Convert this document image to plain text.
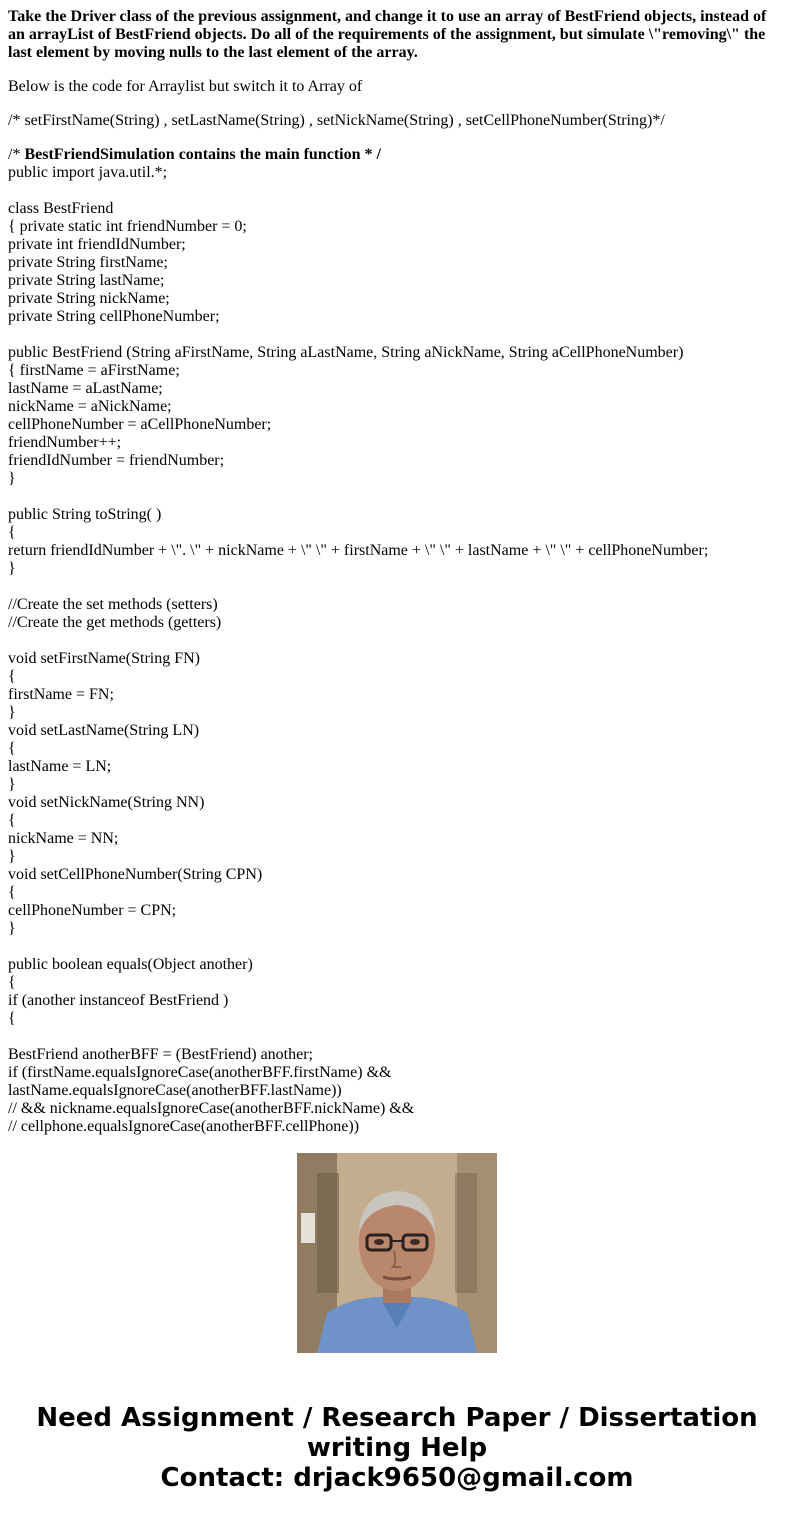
Take the Driver class of the previous assignment, and change it to use an array of BestFriend objects, instead of an arrayList of BestFriend objects. Do all of the requirements of the assignment, but simulate \"removing\" the last element by moving nulls to the last element of the array.

Below is the code for Arraylist but switch it to Array of

/* setFirstName(String) , setLastName(String) , setNickName(String) , setCellPhoneNumber(String)*/

/* BestFriendSimulation contains the main function * /
public import java.util.*;
class BestFriend
{ private static int friendNumber = 0;
private int friendIdNumber;
private String firstName;
private String lastName;
private String nickName;
private String cellPhoneNumber;
public BestFriend (String aFirstName, String aLastName, String aNickName, String aCellPhoneNumber)
{ firstName = aFirstName;
lastName = aLastName;
nickName = aNickName;
cellPhoneNumber = aCellPhoneNumber;
friendNumber++;
friendIdNumber = friendNumber;
}
public String toString( )
{
return friendIdNumber + \". \" + nickName + \" \" + firstName + \" \" + lastName + \" \" + cellPhoneNumber;
}
//Create the set methods (setters)
//Create the get methods (getters)
void setFirstName(String FN)
{
firstName = FN;
}
void setLastName(String LN)
{
lastName = LN;
}
void setNickName(String NN)
{
nickName = NN;
}
void setCellPhoneNumber(String CPN)
{
cellPhoneNumber = CPN;
}
public boolean equals(Object another)
{
if (another instanceof BestFriend )
{
BestFriend anotherBFF = (BestFriend) another;
if (firstName.equalsIgnoreCase(anotherBFF.firstName) &&
lastName.equalsIgnoreCase(anotherBFF.lastName))
// && nickname.equalsIgnoreCase(anotherBFF.nickName) &&
// cellphone.equalsIgnoreCase(anotherBFF.cellPhone))
Need Assignment / Research Paper / Dissertation
writing Help
Contact: drjack9650@gmail.com
